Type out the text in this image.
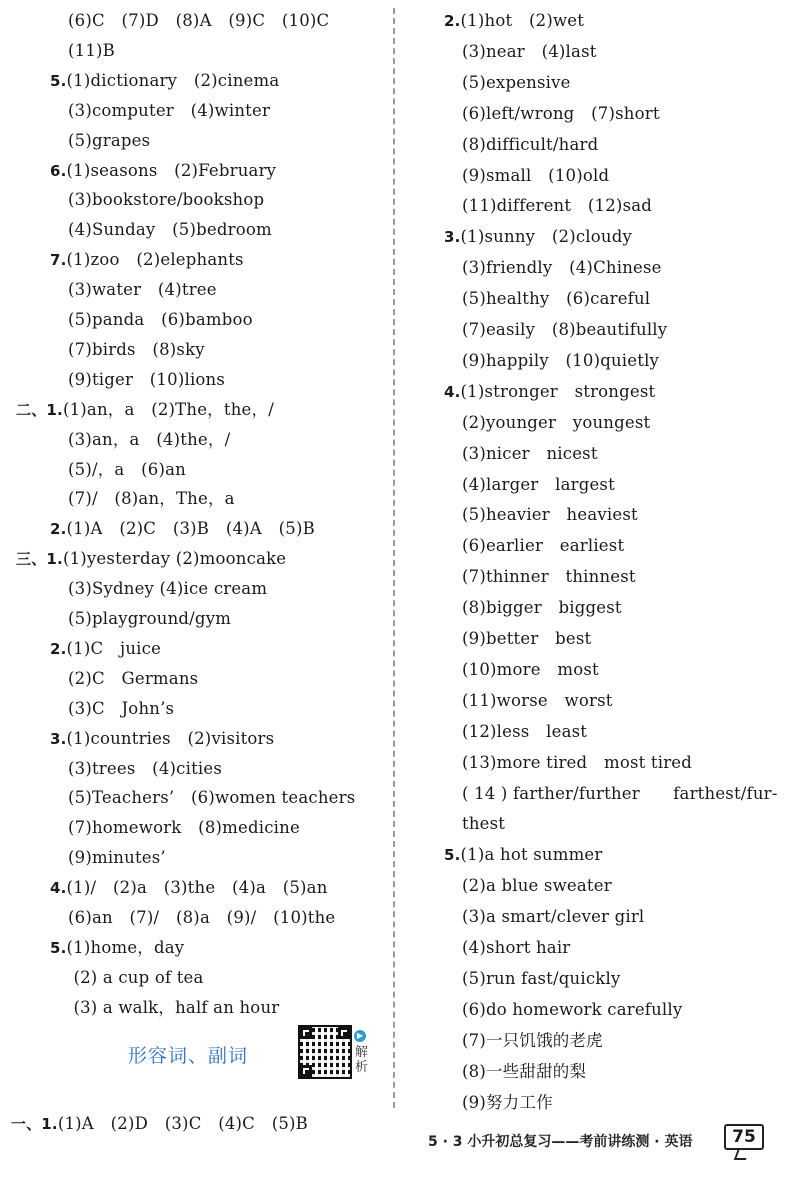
(6)C　(7)D　(8)A　(9)C　(10)C
(11)B
5.(1)dictionary　(2)cinema
(3)computer　(4)winter
(5)grapes
6.(1)seasons　(2)February
(3)bookstore/bookshop
(4)Sunday　(5)bedroom
7.(1)zoo　(2)elephants
(3)water　(4)tree
(5)panda　(6)bamboo
(7)birds　(8)sky
(9)tiger　(10)lions
二、1.(1)an，a　(2)The，the，/
(3)an，a　(4)the，/
(5)/，a　(6)an
(7)/　(8)an，The，a
2.(1)A　(2)C　(3)B　(4)A　(5)B
三、1.(1)yesterday (2)mooncake
(3)Sydney (4)ice cream
(5)playground/gym
2.(1)C　juice
(2)C　Germans
(3)C　John’s
3.(1)countries　(2)visitors
(3)trees　(4)cities
(5)Teachers’　(6)women teachers
(7)homework　(8)medicine
(9)minutes’
4.(1)/　(2)a　(3)the　(4)a　(5)an
(6)an　(7)/　(8)a　(9)/　(10)the
5.(1)home，day
(2) a cup of tea
(3) a walk，half an hour
2.(1)hot　(2)wet
(3)near　(4)last
(5)expensive
(6)left/wrong　(7)short
(8)difficult/hard
(9)small　(10)old
(11)different　(12)sad
3.(1)sunny　(2)cloudy
(3)friendly　(4)Chinese
(5)healthy　(6)careful
(7)easily　(8)beautifully
(9)happily　(10)quietly
4.(1)stronger　strongest
(2)younger　youngest
(3)nicer　nicest
(4)larger　largest
(5)heavier　heaviest
(6)earlier　earliest
(7)thinner　thinnest
(8)bigger　biggest
(9)better　best
(10)more　most
(11)worse　worst
(12)less　least
(13)more tired　most tired
( 14 ) farther/further　　farthest/fur-
thest
5.(1)a hot summer
(2)a blue sweater
(3)a smart/clever girl
(4)short hair
(5)run fast/quickly
(6)do homework carefully
(7)一只饥饿的老虎
(8)一些甜甜的梨
(9)努力工作
形容词、副词
▶
解析

一、1.(1)A　(2)D　(3)C　(4)C　(5)B

5 · 3 小升初总复习——考前讲练测 · 英语	75
